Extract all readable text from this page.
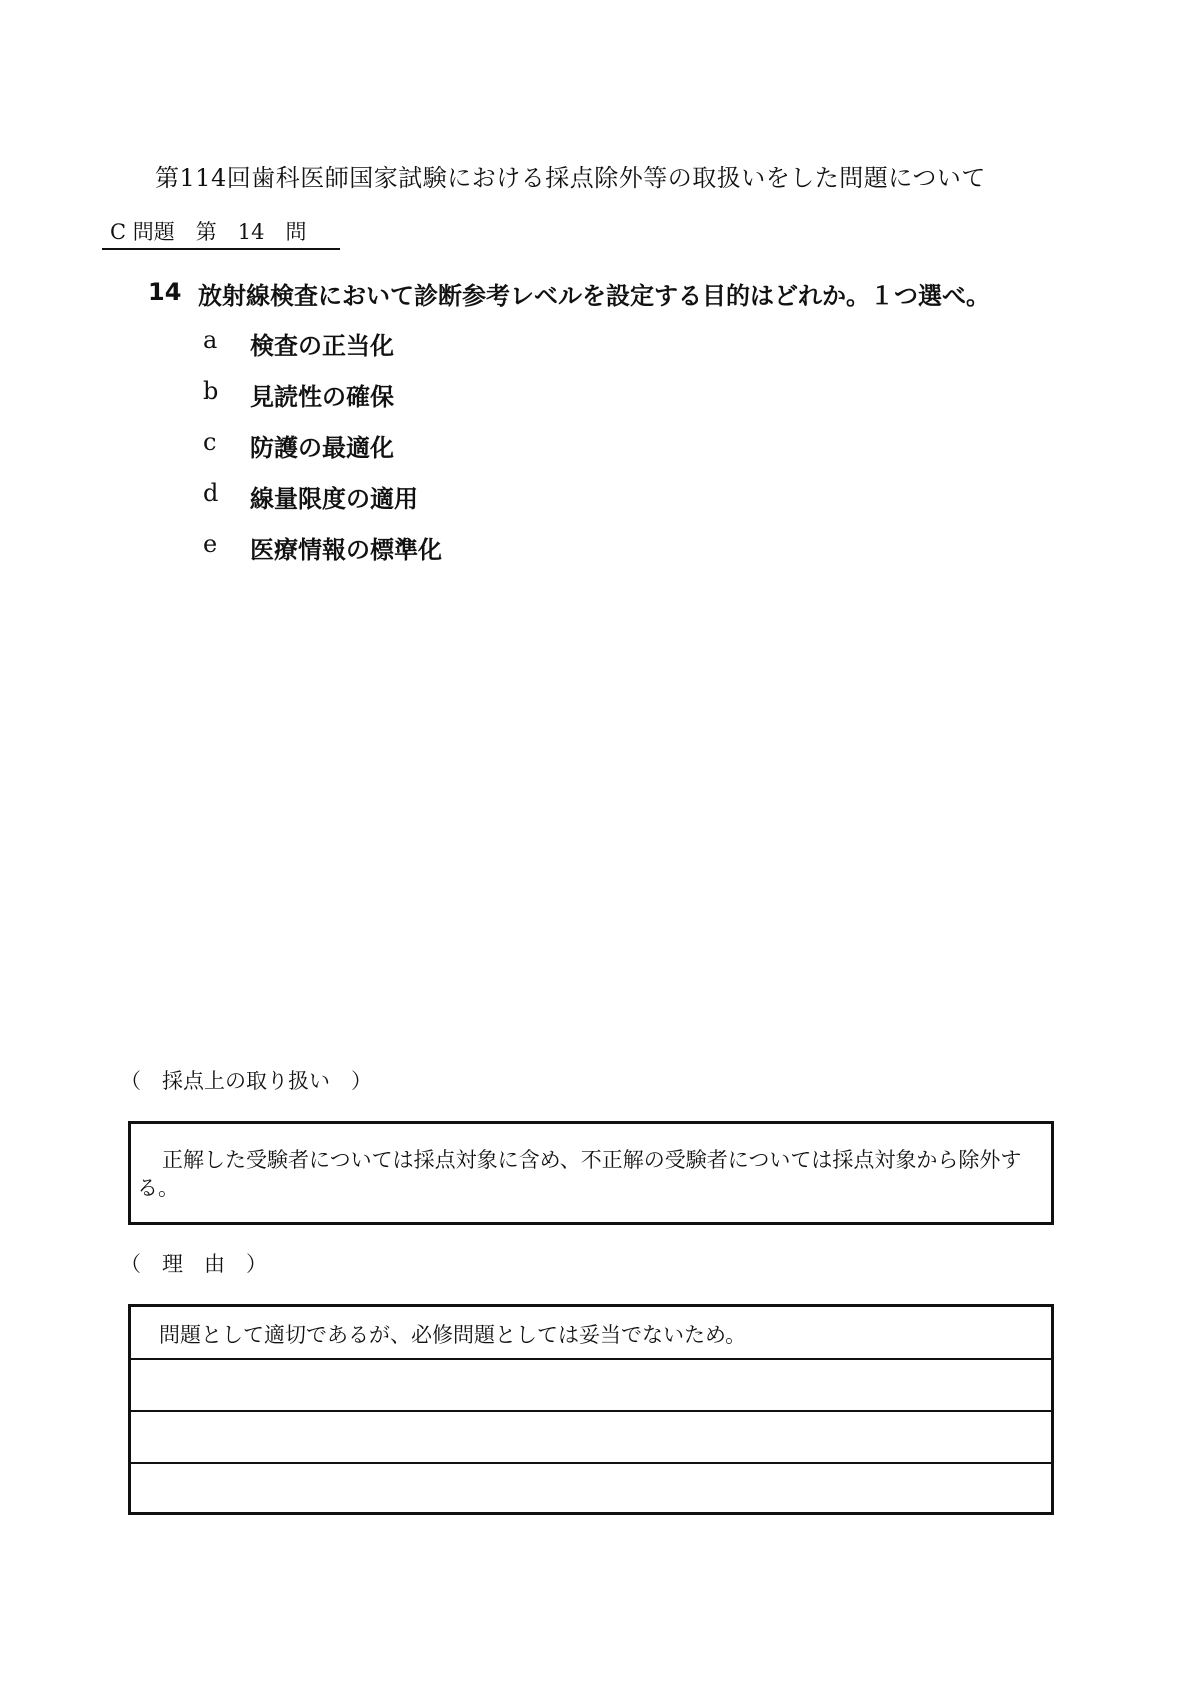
第114回歯科医師国家試験における採点除外等の取扱いをした問題について
C 問題　第　14　問
14 放射線検査において診断参考レベルを設定する目的はどれか。１つ選べ。
a 検査の正当化
b 見読性の確保
c 防護の最適化
d 線量限度の適用
e 医療情報の標準化
（　採点上の取り扱い　）
正解した受験者については採点対象に含め、不正解の受験者については採点対象から除外する。
（　理　由　）
問題として適切であるが、必修問題としては妥当でないため。
